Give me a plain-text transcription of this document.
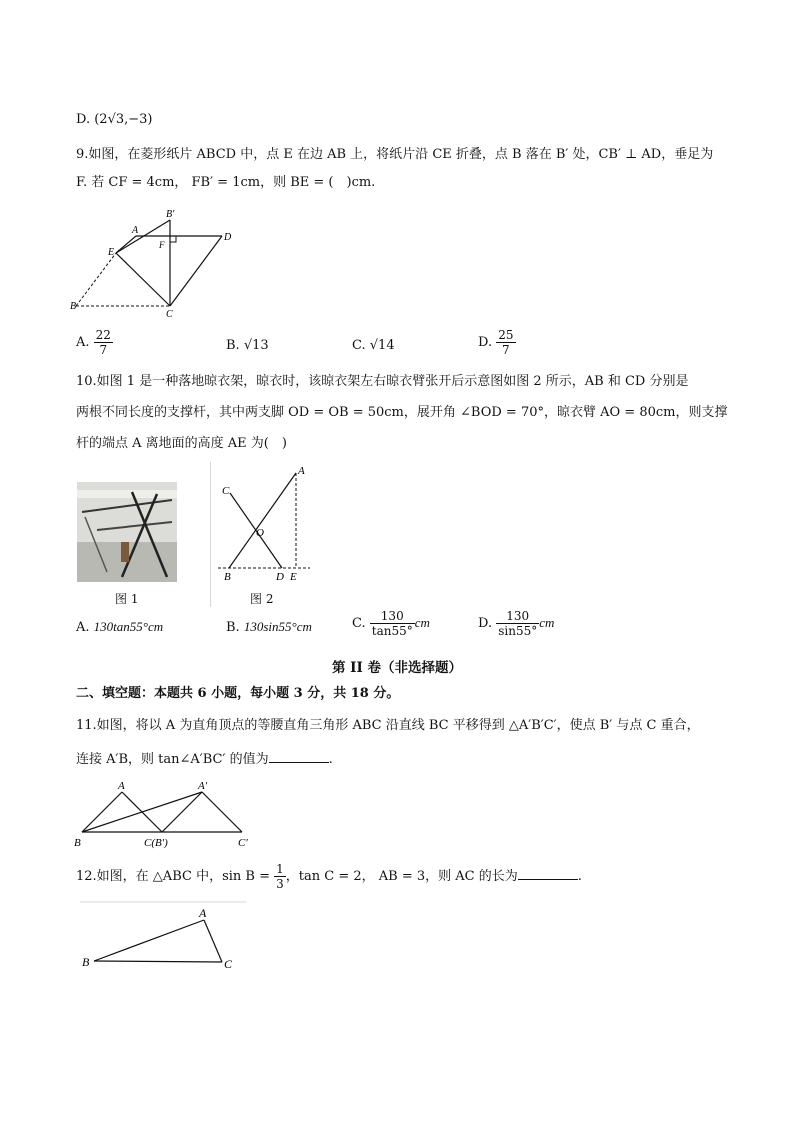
D. (2√3,−3)
9.如图，在菱形纸片 ABCD 中，点 E 在边 AB 上，将纸片沿 CE 折叠，点 B 落在 B′ 处，CB′ ⊥ AD，垂足为
F. 若 CF = 4cm， FB′ = 1cm，则 BE = (　)cm.
A
B′
D
E
F
B
C
A. $\frac{22}{7}$	B. √13	C. √14	D. $\frac{25}{7}$
10.如图 1 是一种落地晾衣架，晾衣时，该晾衣架左右晾衣臂张开后示意图如图 2 所示，AB 和 CD 分别是
两根不同长度的支撑杆，其中两支脚 OD = OB = 50cm，展开角 ∠BOD = 70°，晾衣臂 AO = 80cm，则支撑
杆的端点 A 离地面的高度 AE 为(　)
图 1
A
C
O
B	D E
图 2
A. 130tan55°cm	B. 130sin55°cm	C. $\frac{130}{\tan 55^\circ}$ cm	D. $\frac{130}{\sin 55^\circ}$ cm
第 II 卷（非选择题）
二、填空题：本题共 6 小题，每小题 3 分，共 18 分。
11.如图，将以 A 为直角顶点的等腰直角三角形 ABC 沿直线 BC 平移得到 △A′B′C′，使点 B′ 与点 C 重合，
连接 A′B，则 tan∠A′BC′ 的值为	.
A	A′
B	C(B′)	C′
12.如图，在 △ABC 中，$\sin B = \frac{1}{3}$ ，tan C = 2， AB = 3，则 AC 的长为	.
A
B	C
